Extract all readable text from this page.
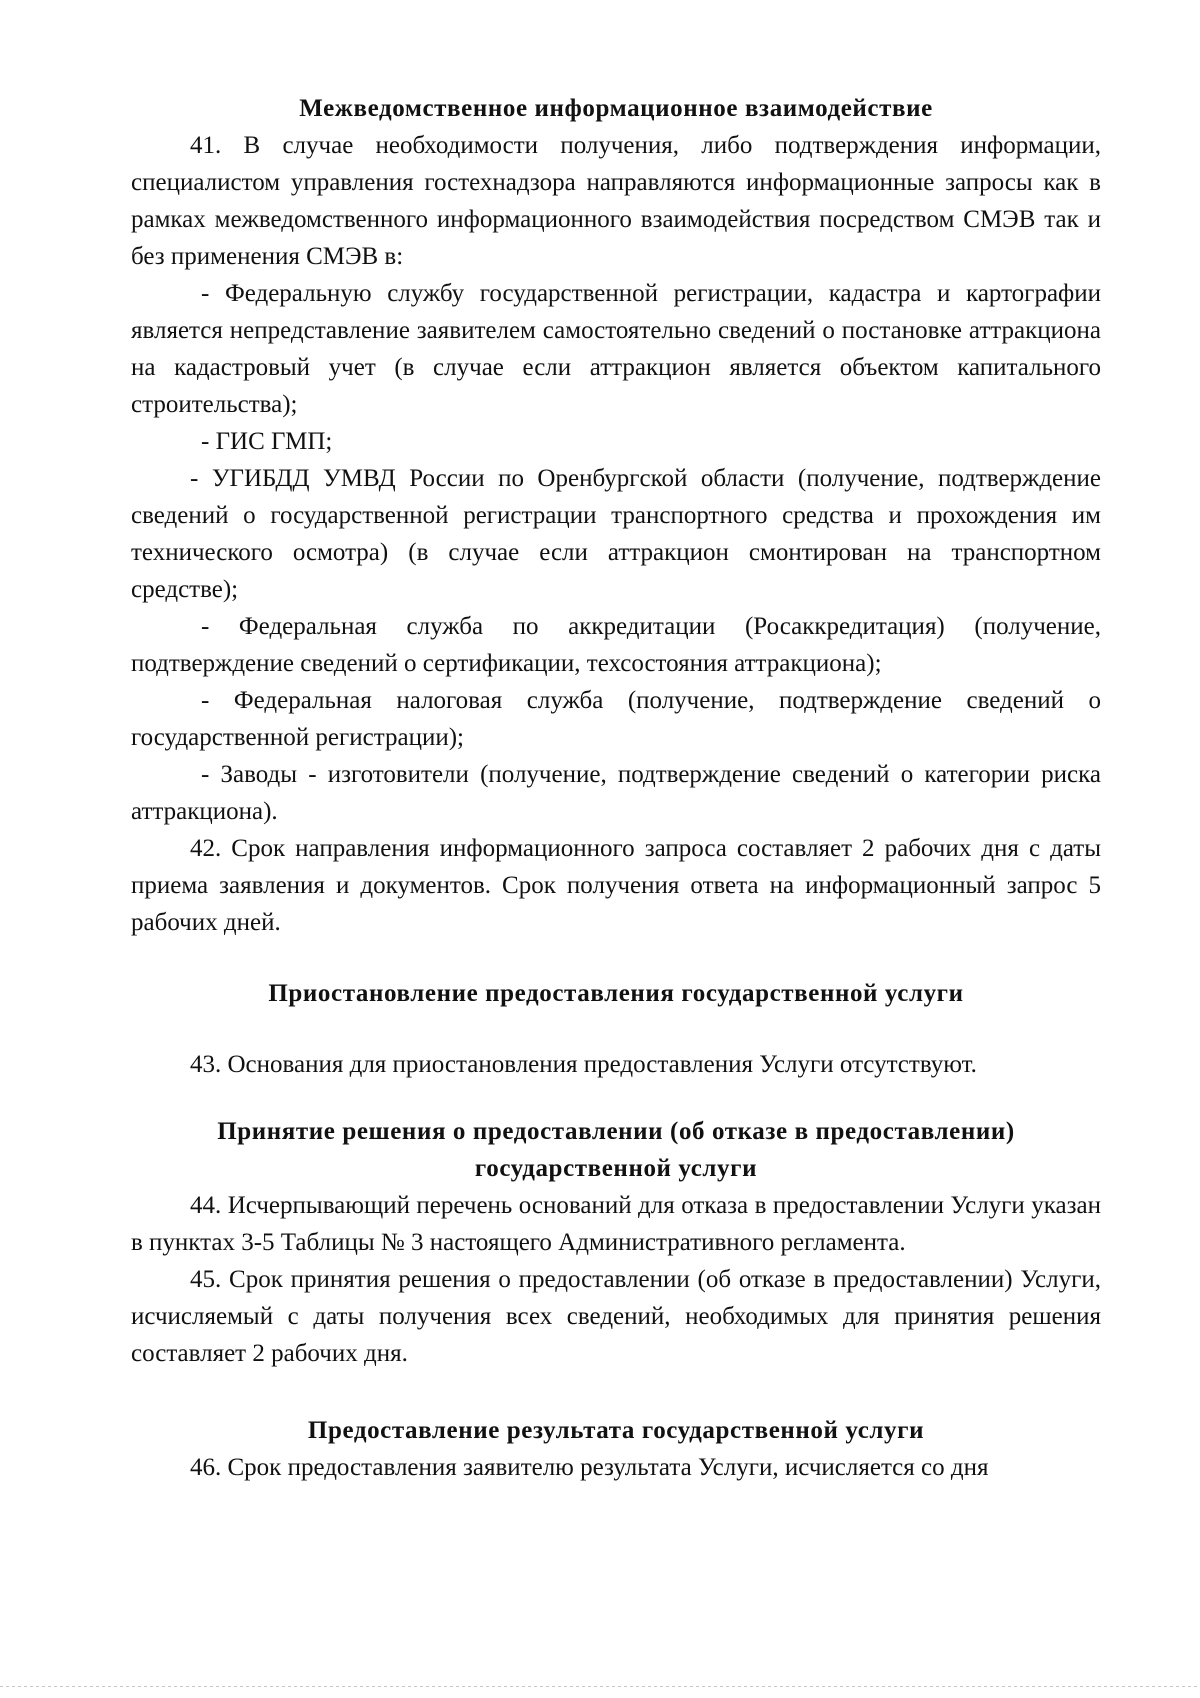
Межведомственное информационное взаимодействие

41. В случае необходимости получения, либо подтверждения информации, специалистом управления гостехнадзора направляются информационные запросы как в рамках межведомственного информационного взаимодействия посредством СМЭВ так и без применения СМЭВ в:

- Федеральную службу государственной регистрации, кадастра и картографии является непредставление заявителем самостоятельно сведений о постановке аттракциона на кадастровый учет (в случае если аттракцион является объектом капитального строительства);

- ГИС ГМП;

- УГИБДД УМВД России по Оренбургской области (получение, подтверждение сведений о государственной регистрации транспортного средства и прохождения им технического осмотра) (в случае если аттракцион смонтирован на транспортном средстве);

- Федеральная служба по аккредитации (Росаккредитация) (получение, подтверждение сведений о сертификации, техсостояния аттракциона);

- Федеральная налоговая служба (получение, подтверждение сведений о государственной регистрации);

- Заводы - изготовители (получение, подтверждение сведений о категории риска аттракциона).

42. Срок направления информационного запроса составляет 2 рабочих дня с даты приема заявления и документов. Срок получения ответа на информационный запрос 5 рабочих дней.

Приостановление предоставления государственной услуги

43. Основания для приостановления предоставления Услуги отсутствуют.

Принятие решения о предоставлении (об отказе в предоставлении)
государственной услуги

44. Исчерпывающий перечень оснований для отказа в предоставлении Услуги указан в пунктах 3-5 Таблицы № 3 настоящего Административного регламента.

45. Срок принятия решения о предоставлении (об отказе в предоставлении) Услуги, исчисляемый с даты получения всех сведений, необходимых для принятия решения составляет 2 рабочих дня.

Предоставление результата государственной услуги

46. Срок предоставления заявителю результата Услуги, исчисляется со дня
